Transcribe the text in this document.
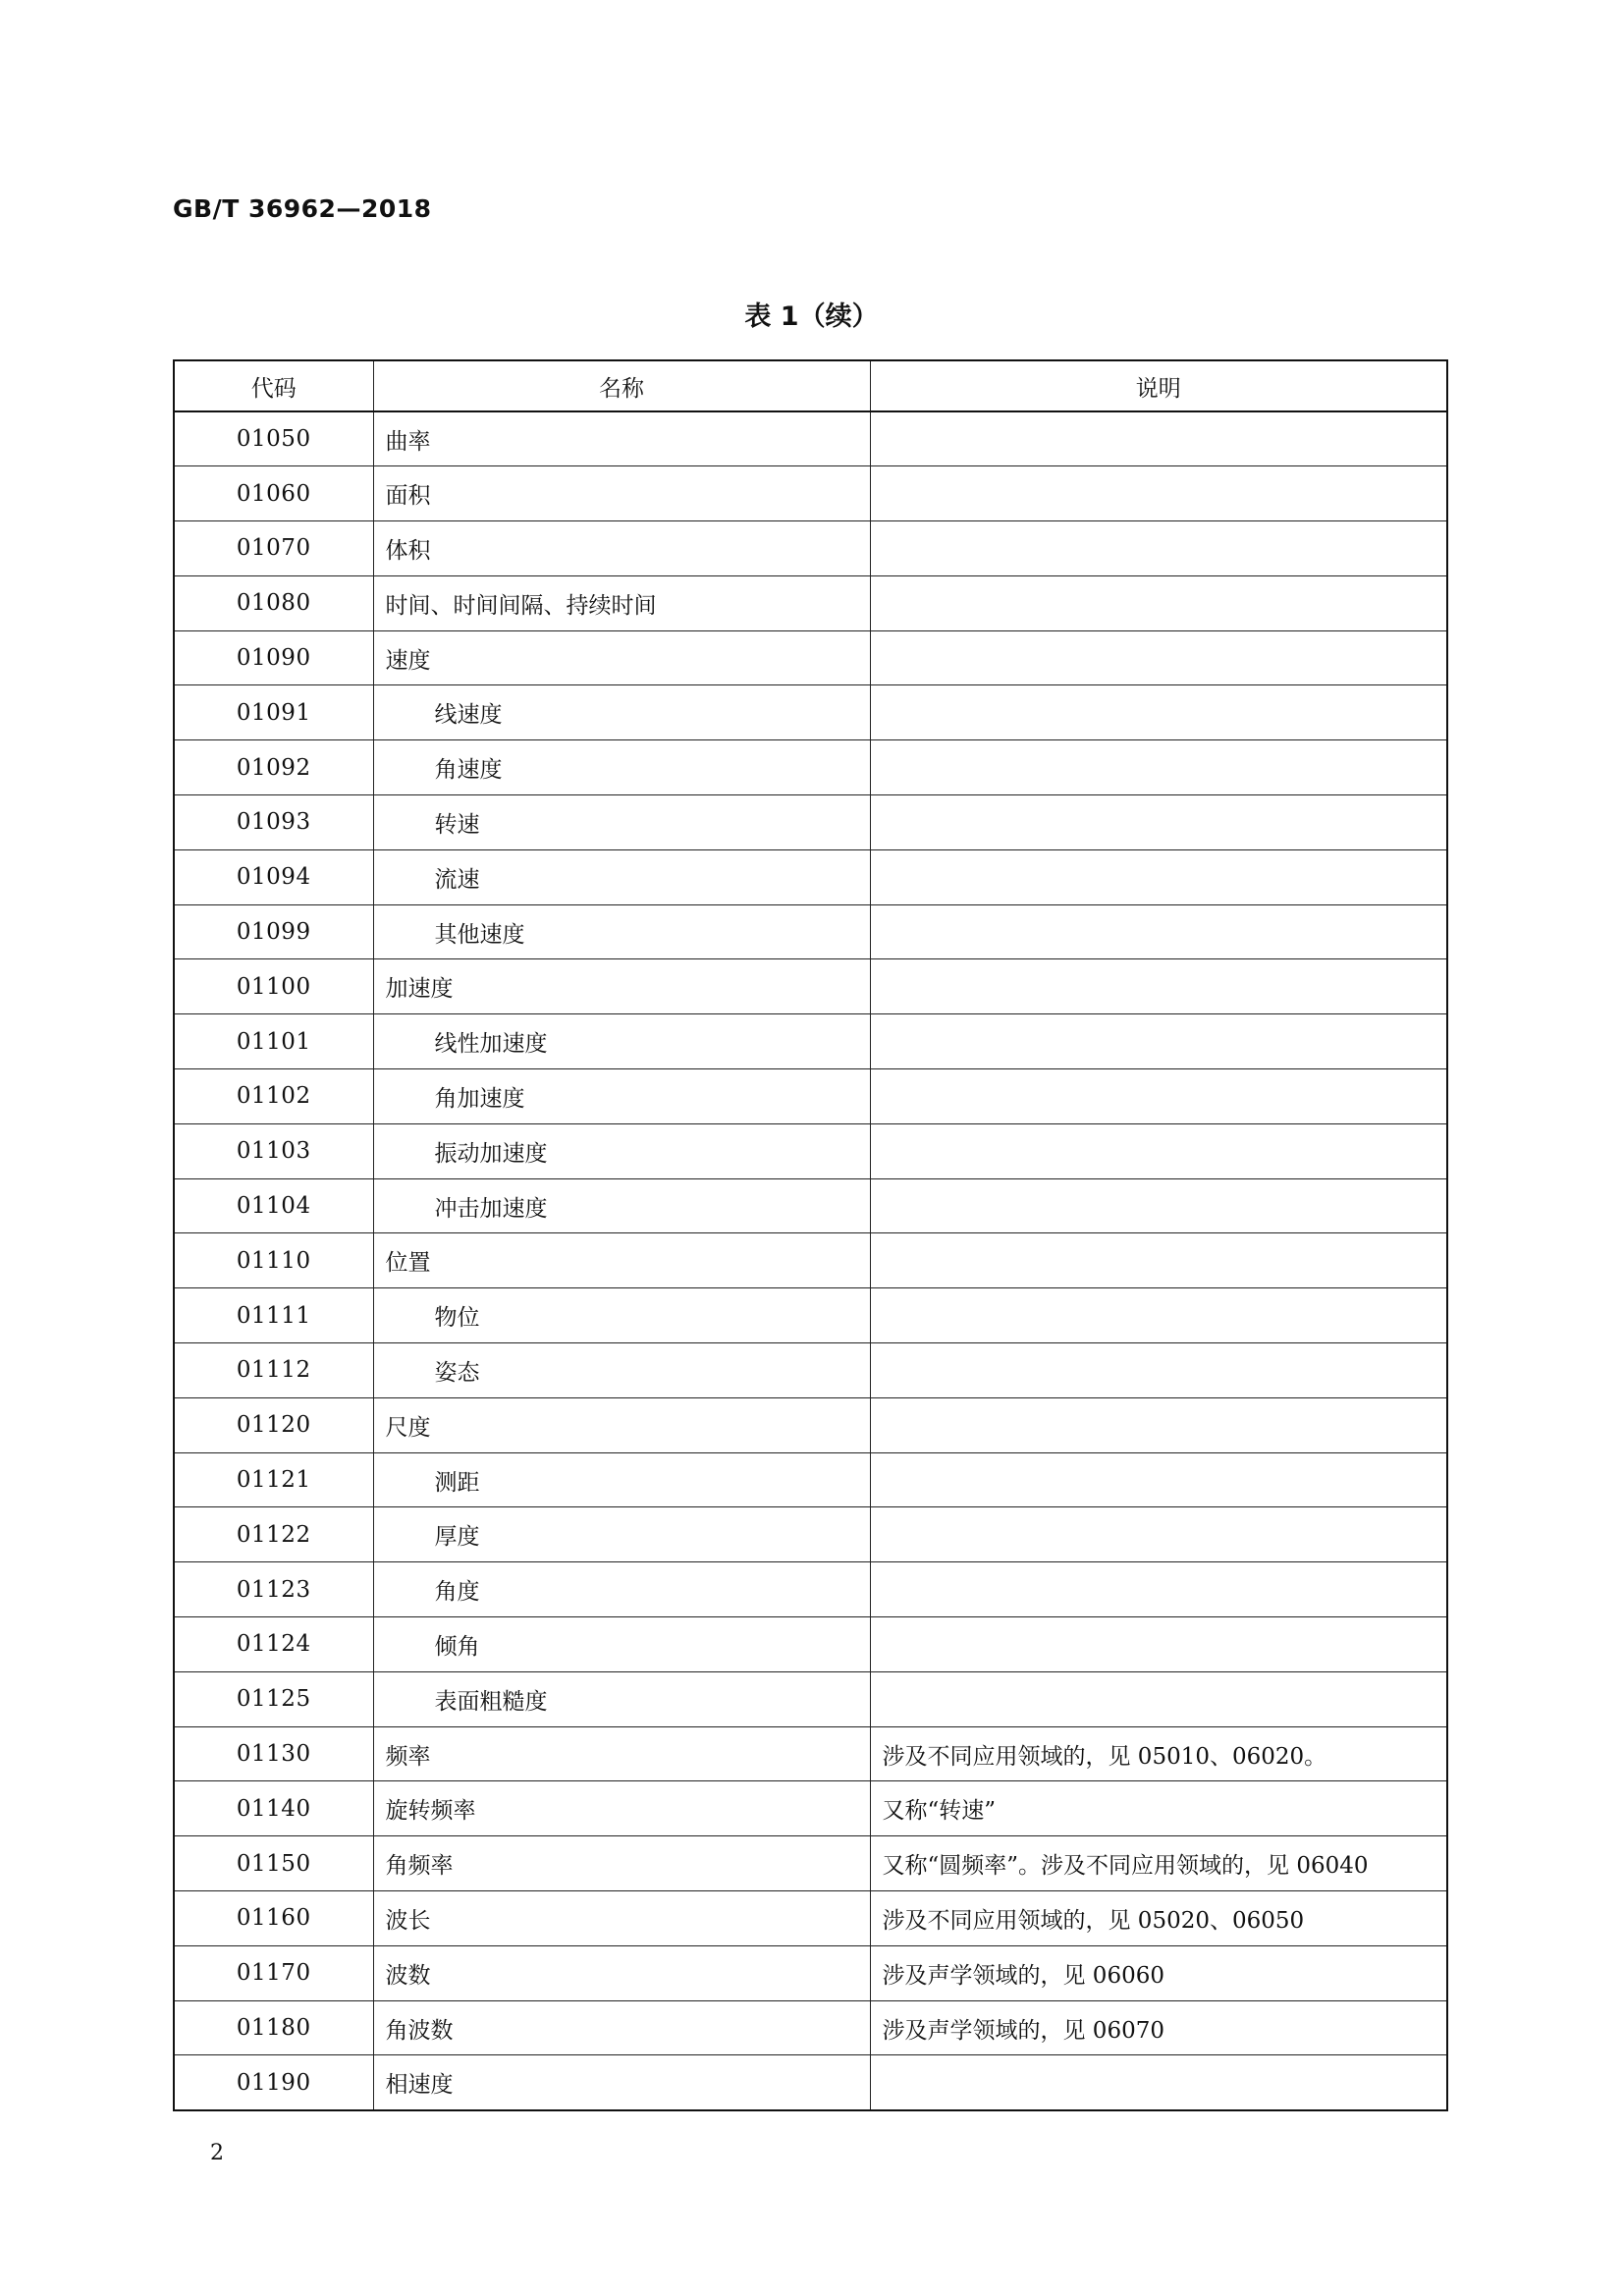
GB/T 36962—2018
表 1（续）
代码	名称	说明
01050	曲率	
01060	面积	
01070	体积	
01080	时间、时间间隔、持续时间	
01090	速度	
01091	线速度	
01092	角速度	
01093	转速	
01094	流速	
01099	其他速度	
01100	加速度	
01101	线性加速度	
01102	角加速度	
01103	振动加速度	
01104	冲击加速度	
01110	位置	
01111	物位	
01112	姿态	
01120	尺度	
01121	测距	
01122	厚度	
01123	角度	
01124	倾角	
01125	表面粗糙度	
01130	频率	涉及不同应用领域的，见 05010、06020。
01140	旋转频率	又称“转速”
01150	角频率	又称“圆频率”。涉及不同应用领域的，见 06040
01160	波长	涉及不同应用领域的，见 05020、06050
01170	波数	涉及声学领域的，见 06060
01180	角波数	涉及声学领域的，见 06070
01190	相速度	
2
